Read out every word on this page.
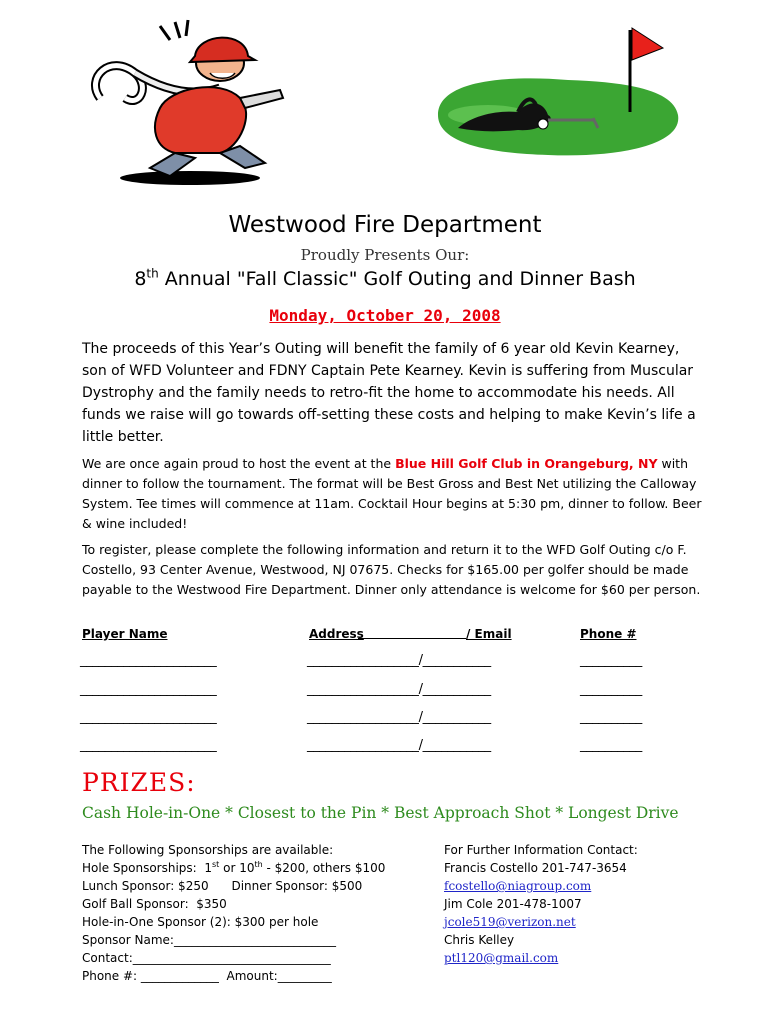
Westwood Fire Department
Proudly Presents Our:
8th Annual "Fall Classic" Golf Outing and Dinner Bash
Monday, October 20, 2008
The proceeds of this Year’s Outing will benefit the family of 6 year old Kevin Kearney, son of WFD Volunteer and FDNY Captain Pete Kearney. Kevin is suffering from Muscular Dystrophy and the family needs to retro-fit the home to accommodate his needs. All funds we raise will go towards off-setting these costs and helping to make Kevin’s life a little better.
We are once again proud to host the event at the Blue Hill Golf Club in Orangeburg, NY with dinner to follow the tournament. The format will be Best Gross and Best Net utilizing the Calloway System. Tee times will commence at 11am. Cocktail Hour begins at 5:30 pm, dinner to follow. Beer & wine included!
To register, please complete the following information and return it to the WFD Golf Outing c/o F. Costello, 93 Center Avenue, Westwood, NJ 07675. Checks for $165.00 per golfer should be made payable to the Westwood Fire Department. Dinner only attendance is welcome for $60 per person.
Player Name	Address	/ Email	Phone #
______________________	__________________/___________	__________
______________________	__________________/___________	__________
______________________	__________________/___________	__________
______________________	__________________/___________	__________
PRIZES:
Cash Hole-in-One * Closest to the Pin * Best Approach Shot * Longest Drive
The Following Sponsorships are available:
Hole Sponsorships:  1st or 10th - $200, others $100
Lunch Sponsor: $250      Dinner Sponsor: $500
Golf Ball Sponsor:  $350
Hole-in-One Sponsor (2): $300 per hole
Sponsor Name:___________________________
Contact:_________________________________
Phone #: _____________  Amount:_________
For Further Information Contact:
Francis Costello 201-747-3654
fcostello@niagroup.com
Jim Cole 201-478-1007
jcole519@verizon.net
Chris Kelley
ptl120@gmail.com
